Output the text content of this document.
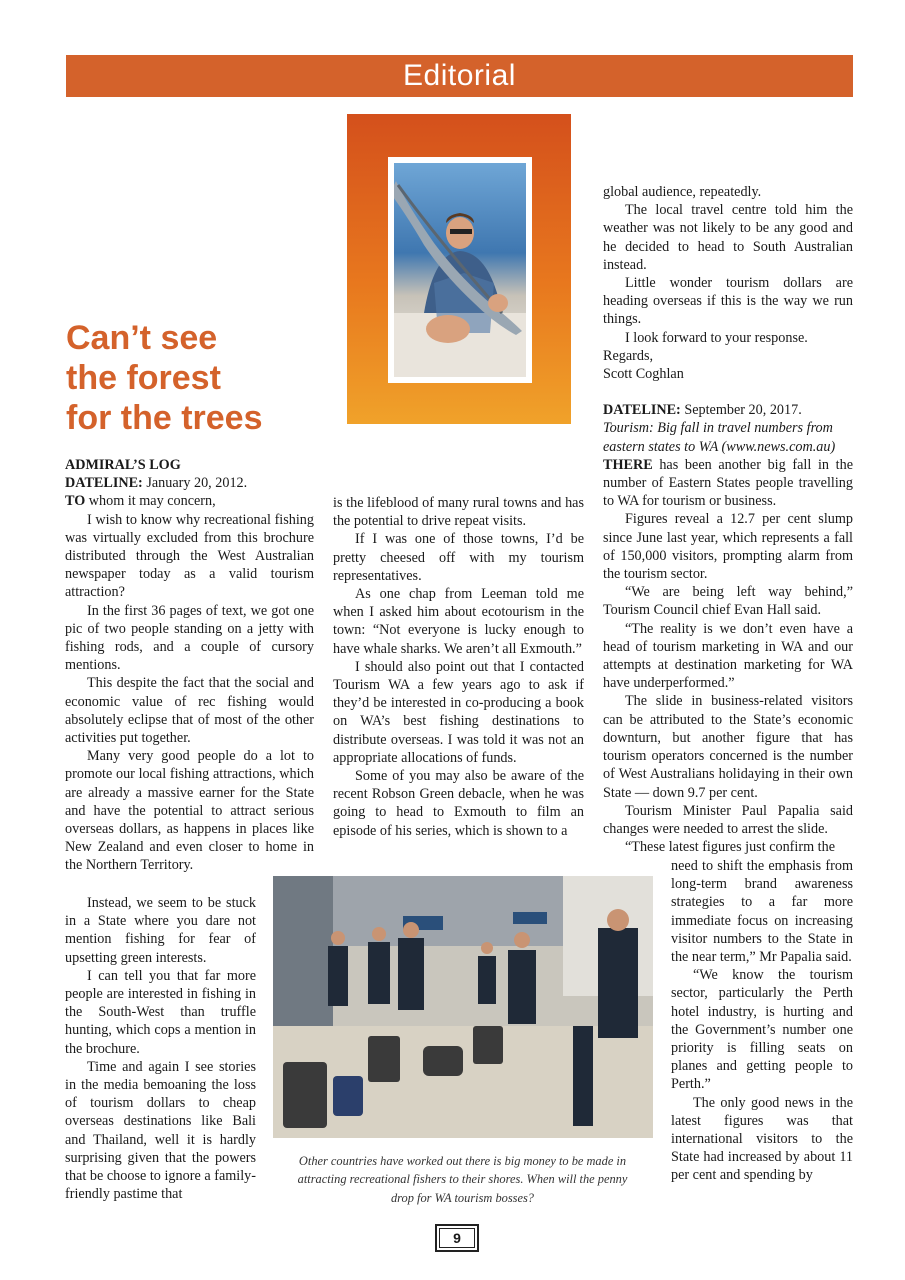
Editorial
Can’t see
the forest
for the trees

ADMIRAL’S LOG

DATELINE: January 20, 2012.

TO whom it may concern,

I wish to know why recreational fishing was virtually excluded from this brochure distributed through the West Australian newspaper today as a valid tourism attraction?

In the first 36 pages of text, we got one pic of two people standing on a jetty with fishing rods, and a couple of cursory mentions.

This despite the fact that the social and economic value of rec fishing would absolutely eclipse that of most of the other activities put together.

Many very good people do a lot to promote our local fishing attractions, which are already a massive earner for the State and have the potential to attract serious overseas dollars, as happens in places like New Zealand and even closer to home in the Northern Territory.

Instead, we seem to be stuck in a State where you dare not mention fishing for fear of upsetting green interests.

I can tell you that far more people are interested in fishing in the South-West than truffle hunting, which cops a mention in the brochure.

Time and again I see stories in the media bemoaning the loss of tourism dollars to cheap overseas destinations like Bali and Thailand, well it is hardly surprising given that the powers that be choose to ignore a family-friendly pastime that

is the lifeblood of many rural towns and has the potential to drive repeat visits.

If I was one of those towns, I’d be pretty cheesed off with my tourism representatives.

As one chap from Leeman told me when I asked him about ecotourism in the town: “Not everyone is lucky enough to have whale sharks. We aren’t all Exmouth.”

I should also point out that I contacted Tourism WA a few years ago to ask if they’d be interested in co-producing a book on WA’s best fishing destinations to distribute overseas. I was told it was not an appropriate allocations of funds.

Some of you may also be aware of the recent Robson Green debacle, when he was going to head to Exmouth to film an episode of his series, which is shown to a

global audience, repeatedly.

The local travel centre told him the weather was not likely to be any good and he decided to head to South Australian instead.

Little wonder tourism dollars are heading overseas if this is the way we run things.

I look forward to your response.

Regards,

Scott Coghlan

DATELINE: September 20, 2017.

Tourism: Big fall in travel numbers from eastern states to WA (www.news.com.au)

THERE has been another big fall in the number of Eastern States people travelling to WA for tourism or business.

Figures reveal a 12.7 per cent slump since June last year, which represents a fall of 150,000 visitors, prompting alarm from the tourism sector.

“We are being left way behind,” Tourism Council chief Evan Hall said.

“The reality is we don’t even have a head of tourism marketing in WA and our attempts at destination marketing for WA have underperformed.”

The slide in business-related visitors can be attributed to the State’s economic downturn, but another figure that has tourism operators concerned is the number of West Australians holidaying in their own State — down 9.7 per cent.

Tourism Minister Paul Papalia said changes were needed to arrest the slide.

“These latest figures just confirm the

need to shift the emphasis from long-term brand awareness strategies to a far more immediate focus on increasing visitor numbers to the State in the near term,” Mr Papalia said.

“We know the tourism sector, particularly the Perth hotel industry, is hurting and the Government’s number one priority is filling seats on planes and getting people to Perth.”

The only good news in the latest figures was that international visitors to the State had increased by about 11 per cent and spending by

Other countries have worked out there is big money to be made in attracting recreational fishers to their shores. When will the penny drop for WA tourism bosses?

9
